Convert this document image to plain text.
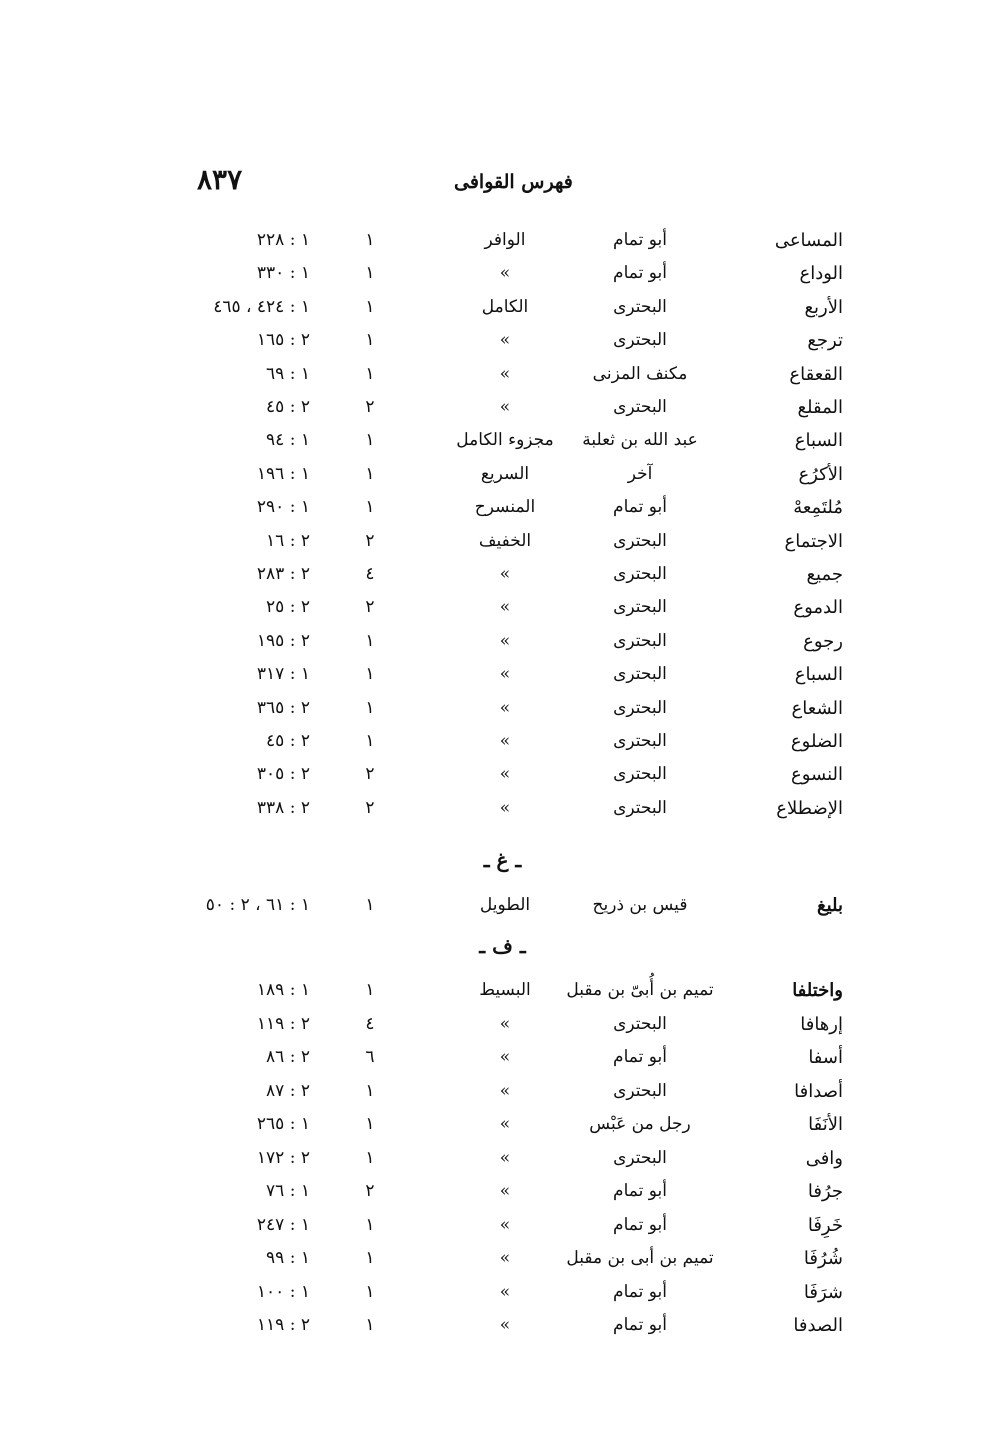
٨٣٧	فهرس القوافى
المساعى
أبو تمام
الوافر
١
١ : ٢٢٨
الوداع
أبو تمام
»
١
١ : ٣٣٠
الأربع
البحترى
الكامل
١
١ : ٤٢٤ ، ٤٦٥
ترجع
البحترى
»
١
٢ : ١٦٥
القعقاع
مكنف المزنى
»
١
١ : ٦٩
المقلع
البحترى
»
٢
٢ : ٤٥
السباع
عبد الله بن ثعلبة
مجزوء الكامل
١
١ : ٩٤
الأكرُع
آخر
السريع
١
١ : ١٩٦
مُلتَمِعهْ
أبو تمام
المنسرح
١
١ : ٢٩٠
الاجتماع
البحترى
الخفيف
٢
٢ : ١٦
جميع
البحترى
»
٤
٢ : ٢٨٣
الدموع
البحترى
»
٢
٢ : ٢٥
رجوع
البحترى
»
١
٢ : ١٩٥
السباع
البحترى
»
١
١ : ٣١٧
الشعاع
البحترى
»
١
٢ : ٣٦٥
الضلوع
البحترى
»
١
٢ : ٤٥
النسوع
البحترى
»
٢
٢ : ٣٠٥
الإضطلاع
البحترى
»
٢
٢ : ٣٣٨
ـ غ ـ
بليغ
قيس بن ذريح
الطويل
١
١ : ٦١ ، ٢ : ٥٠
ـ ف ـ
واختلفا
تميم بن أُبىّ بن مقبل
البسيط
١
١ : ١٨٩
إرهافا
البحترى
»
٤
٢ : ١١٩
أسفا
أبو تمام
»
٦
٢ : ٨٦
أصدافا
البحترى
»
١
٢ : ٨٧
الأنَفَا
رجل من عَبْس
»
١
١ : ٢٦٥
وافى
البحترى
»
١
٢ : ١٧٢
جرُفا
أبو تمام
»
٢
١ : ٧٦
خَرِفَا
أبو تمام
»
١
١ : ٢٤٧
شُرُفَا
تميم بن أبى بن مقبل
»
١
١ : ٩٩
شرَفَا
أبو تمام
»
١
١ : ١٠٠
الصدفا
أبو تمام
»
١
٢ : ١١٩
